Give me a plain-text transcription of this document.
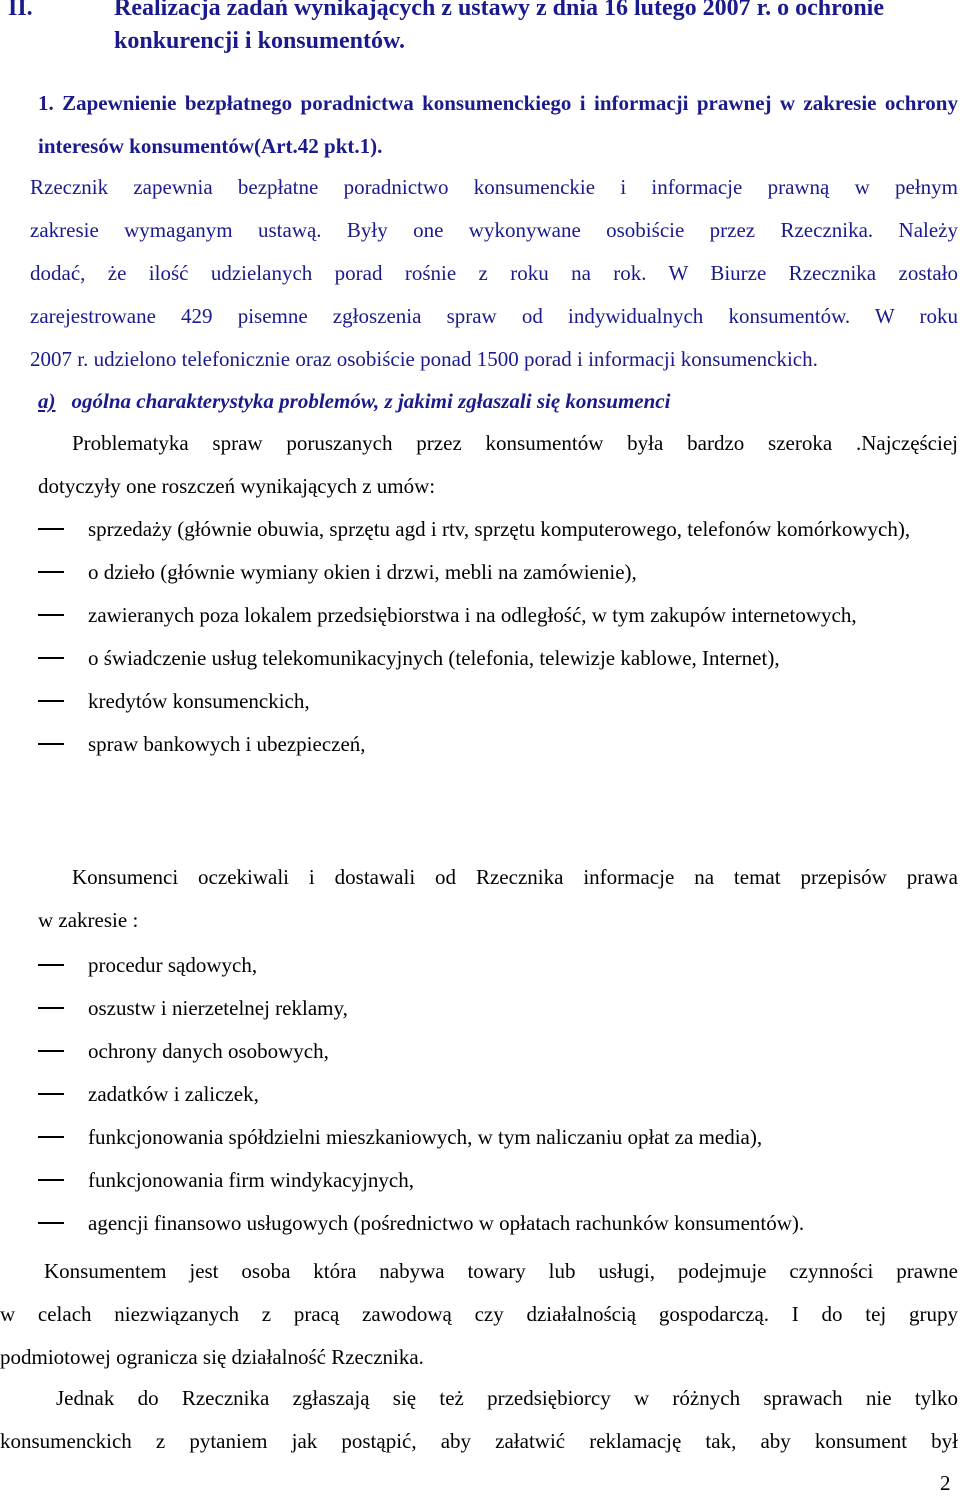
II.	Realizacja zadań wynikających z ustawy z dnia 16 lutego 2007 r. o ochronie konkurencji i konsumentów.
1. Zapewnienie bezpłatnego poradnictwa konsumenckiego i informacji prawnej w zakresie ochrony interesów konsumentów(Art.42 pkt.1).
Rzecznik zapewnia bezpłatne poradnictwo konsumenckie i informacje prawną w pełnym
zakresie wymaganym ustawą. Były one wykonywane osobiście przez Rzecznika. Należy
dodać, że ilość udzielanych porad rośnie z roku na rok. W Biurze Rzecznika zostało
zarejestrowane 429 pisemne zgłoszenia spraw od indywidualnych konsumentów. W roku
2007 r. udzielono telefonicznie oraz osobiście ponad 1500 porad i informacji konsumenckich.
a) ogólna charakterystyka problemów, z jakimi zgłaszali się konsumenci
Problematyka spraw poruszanych przez konsumentów była bardzo szeroka .Najczęściej
dotyczyły one roszczeń wynikających z umów:
sprzedaży (głównie obuwia, sprzętu agd i rtv, sprzętu komputerowego, telefonów komórkowych),
o dzieło (głównie wymiany okien i drzwi, mebli na zamówienie),
zawieranych poza lokalem przedsiębiorstwa i na odległość, w tym zakupów internetowych,
o świadczenie usług telekomunikacyjnych (telefonia, telewizje kablowe, Internet),
kredytów konsumenckich,
spraw bankowych i ubezpieczeń,
Konsumenci oczekiwali i dostawali od Rzecznika informacje na temat przepisów prawa
w zakresie :
procedur sądowych,
oszustw i nierzetelnej reklamy,
ochrony danych osobowych,
zadatków i zaliczek,
funkcjonowania spółdzielni mieszkaniowych, w tym naliczaniu opłat za media),
funkcjonowania firm windykacyjnych,
agencji finansowo usługowych (pośrednictwo w opłatach rachunków konsumentów).
Konsumentem jest osoba która nabywa towary lub usługi, podejmuje czynności prawne
w celach niezwiązanych z pracą zawodową czy działalnością gospodarczą. I do tej grupy
podmiotowej ogranicza się działalność Rzecznika.
Jednak do Rzecznika zgłaszają się też przedsiębiorcy w różnych sprawach nie tylko
konsumenckich z pytaniem jak postąpić, aby załatwić reklamację tak, aby konsument był
2
